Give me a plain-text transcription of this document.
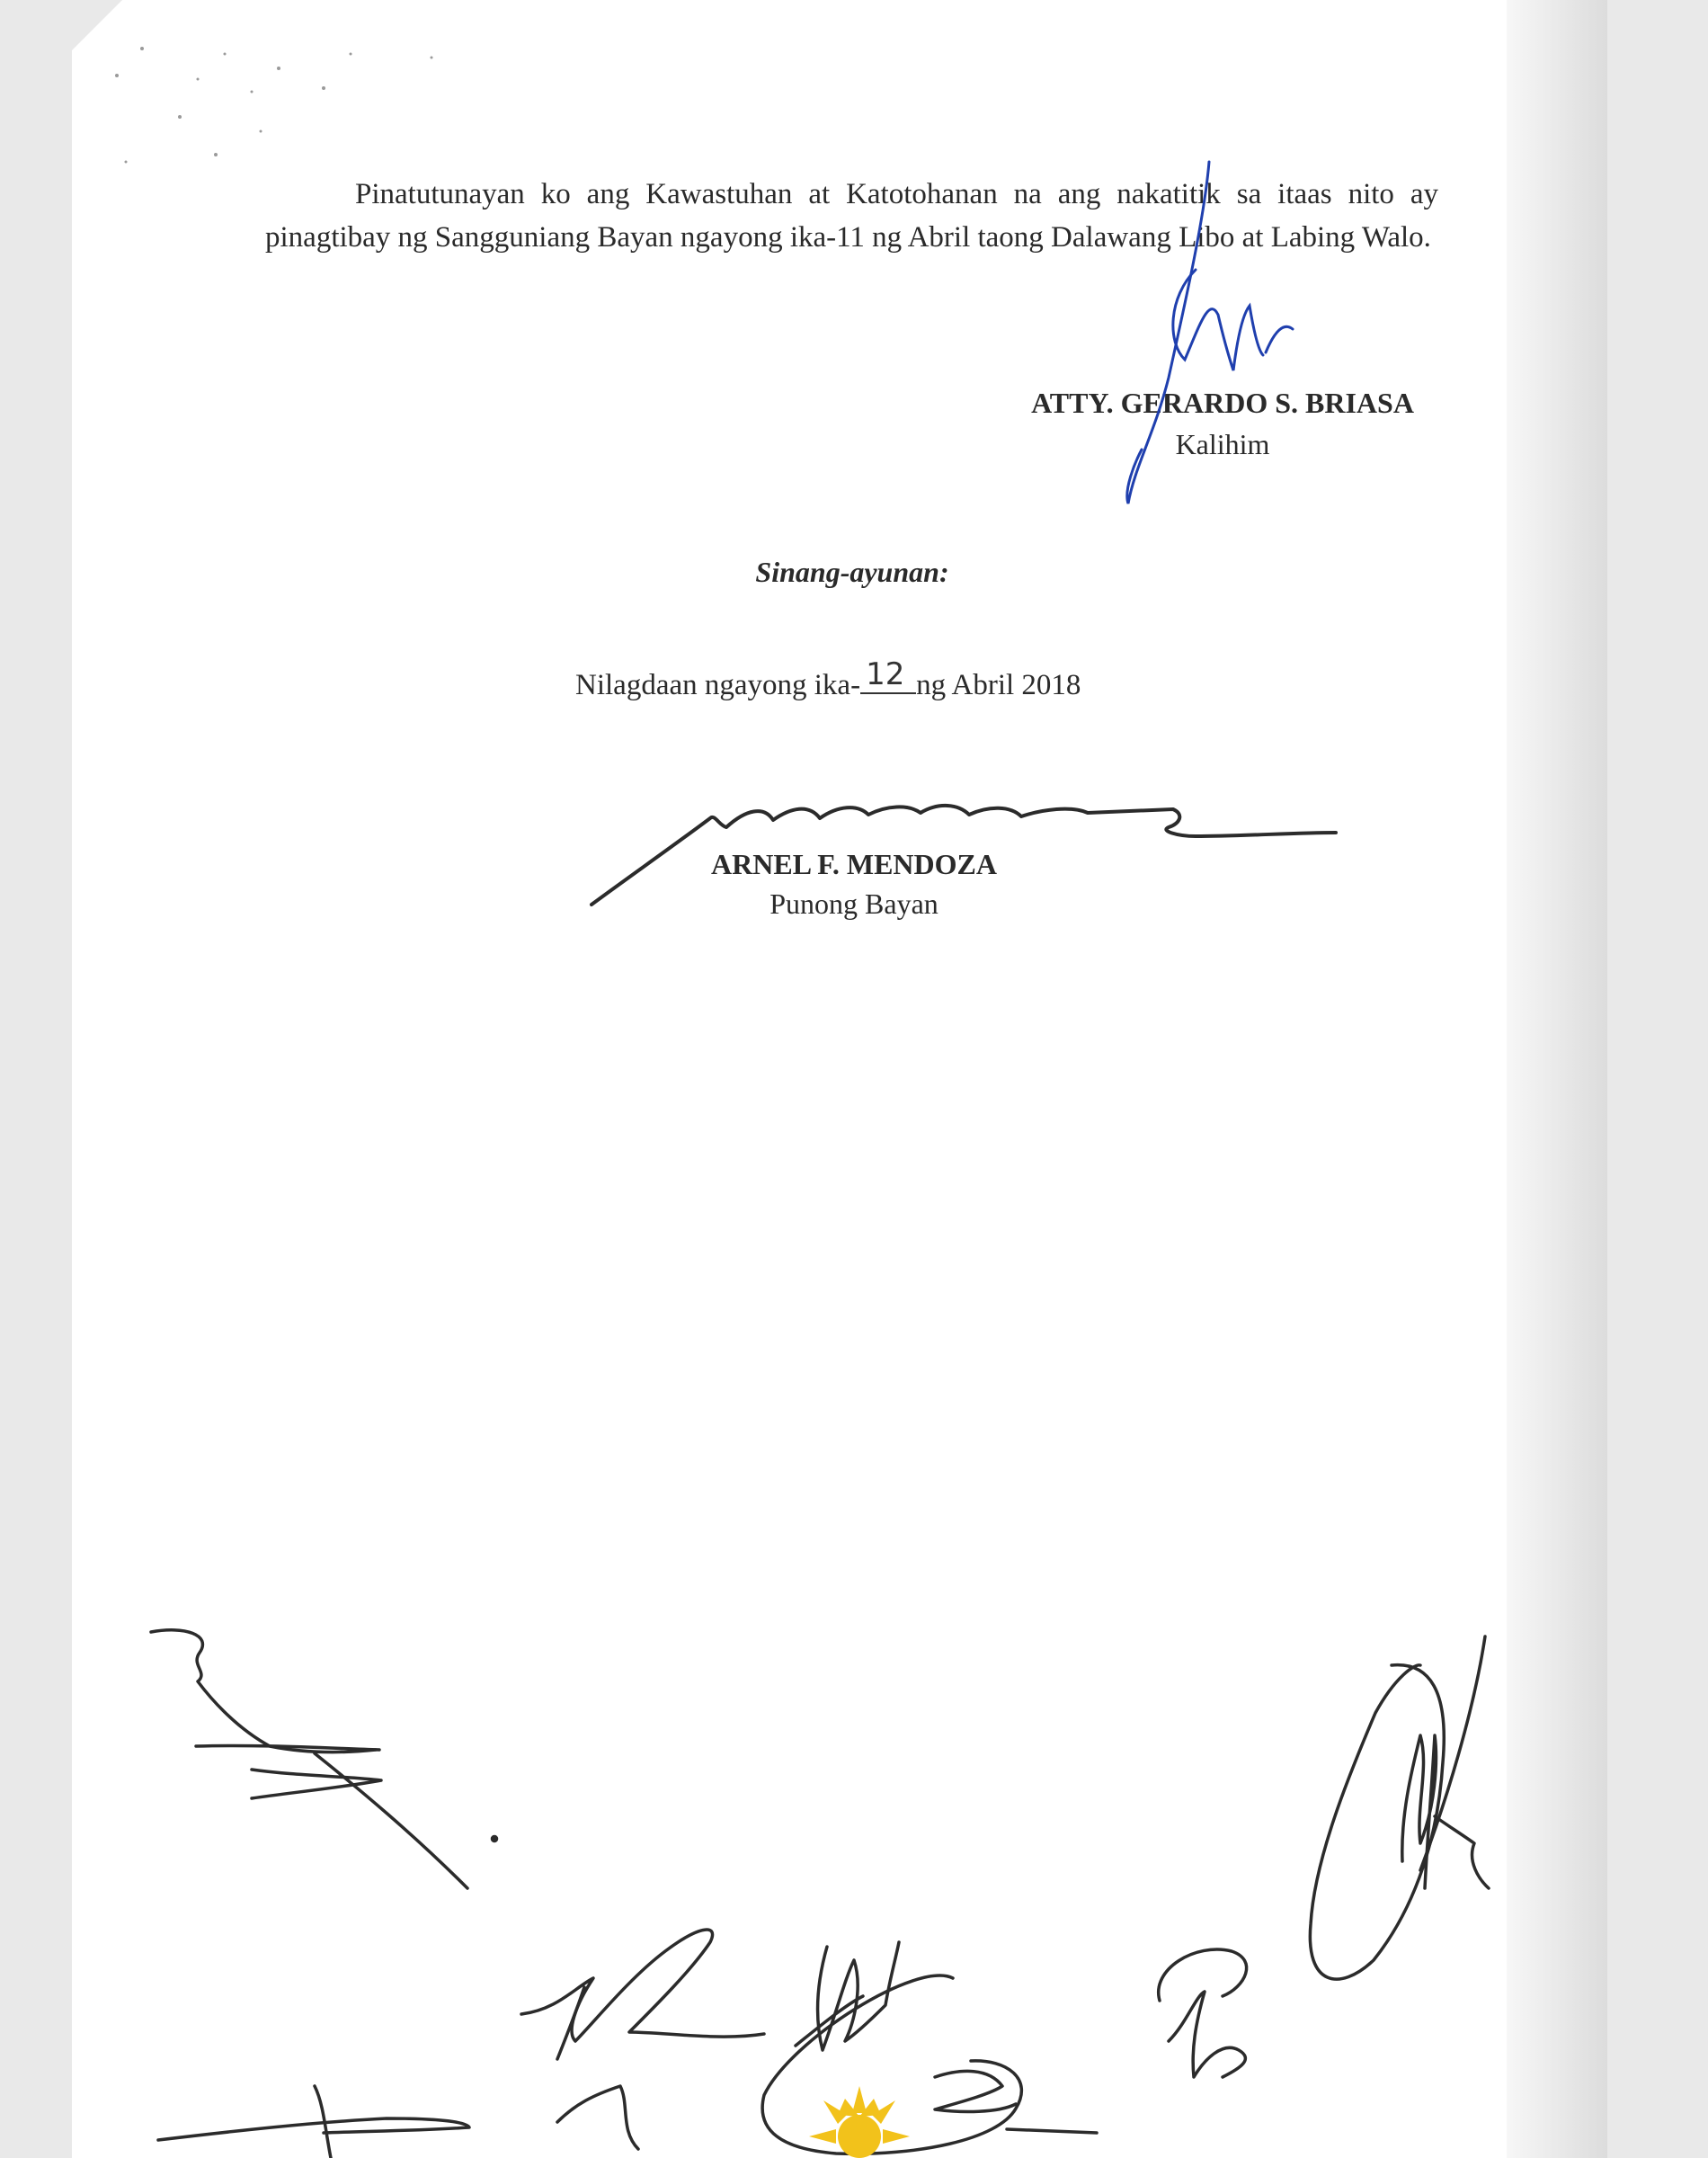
Pinatutunayan ko ang Kawastuhan at Katotohanan na ang nakatitik sa itaas nito ay pinagtibay ng Sangguniang Bayan ngayong ika-11 ng Abril taong Dalawang Libo at Labing Walo.
ATTY. GERARDO S. BRIASA
Kalihim
Sinang-ayunan:
Nilagdaan ngayong ika- 12 ng Abril 2018
ARNEL F. MENDOZA
Punong Bayan
